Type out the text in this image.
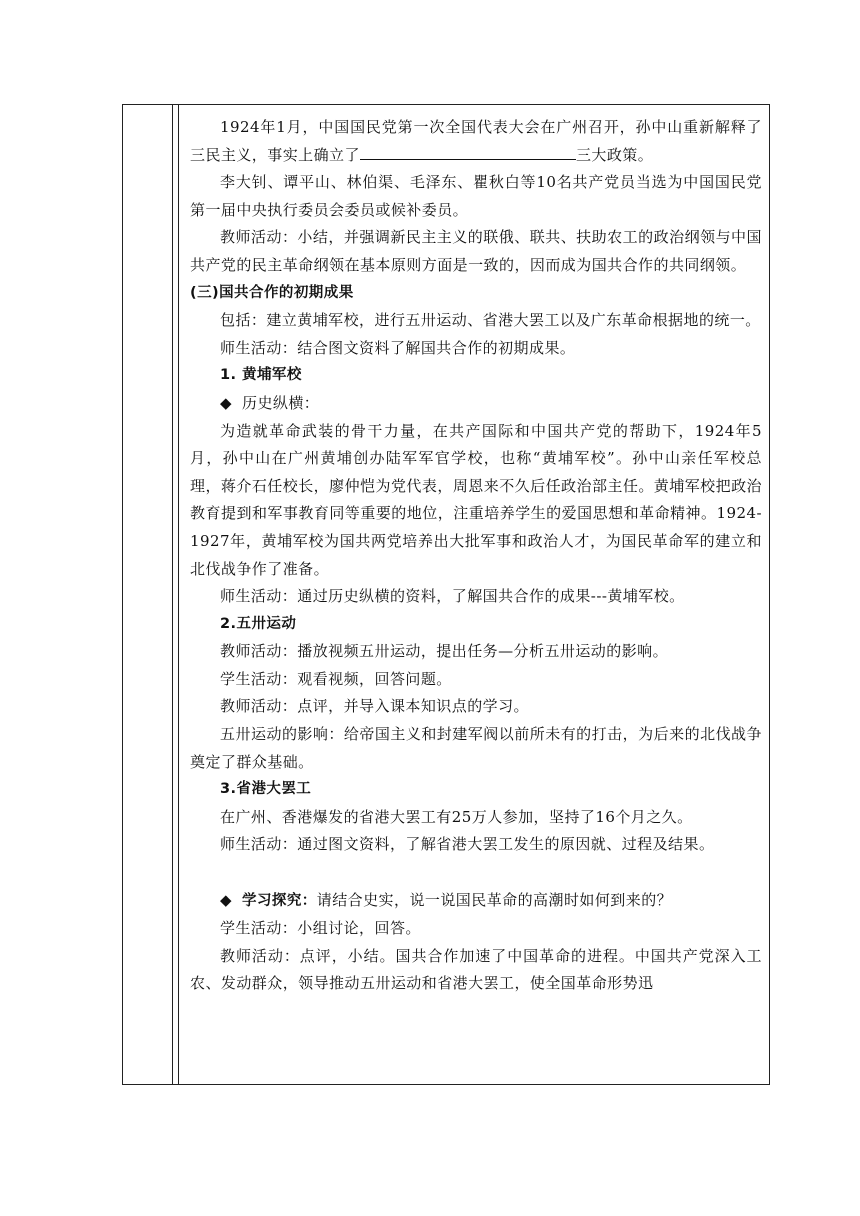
1924年1月，中国国民党第一次全国代表大会在广州召开，孙中山重新解释了三民主义，事实上确立了	三大政策。

李大钊、谭平山、林伯渠、毛泽东、瞿秋白等10名共产党员当选为中国国民党第一届中央执行委员会委员或候补委员。

教师活动：小结，并强调新民主主义的联俄、联共、扶助农工的政治纲领与中国共产党的民主革命纲领在基本原则方面是一致的，因而成为国共合作的共同纲领。

(三)国共合作的初期成果

包括：建立黄埔军校，进行五卅运动、省港大罢工以及广东革命根据地的统一。

师生活动：结合图文资料了解国共合作的初期成果。

1. 黄埔军校

◆ 历史纵横：

为造就革命武装的骨干力量，在共产国际和中国共产党的帮助下，1924年5月，孙中山在广州黄埔创办陆军军官学校，也称“黄埔军校”。孙中山亲任军校总理，蒋介石任校长，廖仲恺为党代表，周恩来不久后任政治部主任。黄埔军校把政治教育提到和军事教育同等重要的地位，注重培养学生的爱国思想和革命精神。1924-1927年，黄埔军校为国共两党培养出大批军事和政治人才，为国民革命军的建立和北伐战争作了准备。

师生活动：通过历史纵横的资料，了解国共合作的成果---黄埔军校。

2.五卅运动

教师活动：播放视频五卅运动，提出任务—分析五卅运动的影响。

学生活动：观看视频，回答问题。

教师活动：点评，并导入课本知识点的学习。

五卅运动的影响：给帝国主义和封建军阀以前所未有的打击，为后来的北伐战争奠定了群众基础。

3.省港大罢工

在广州、香港爆发的省港大罢工有25万人参加，坚持了16个月之久。

师生活动：通过图文资料，了解省港大罢工发生的原因就、过程及结果。

◆ 学习探究：请结合史实，说一说国民革命的高潮时如何到来的？

学生活动：小组讨论，回答。

教师活动：点评，小结。国共合作加速了中国革命的进程。中国共产党深入工农、发动群众，领导推动五卅运动和省港大罢工，使全国革命形势迅
